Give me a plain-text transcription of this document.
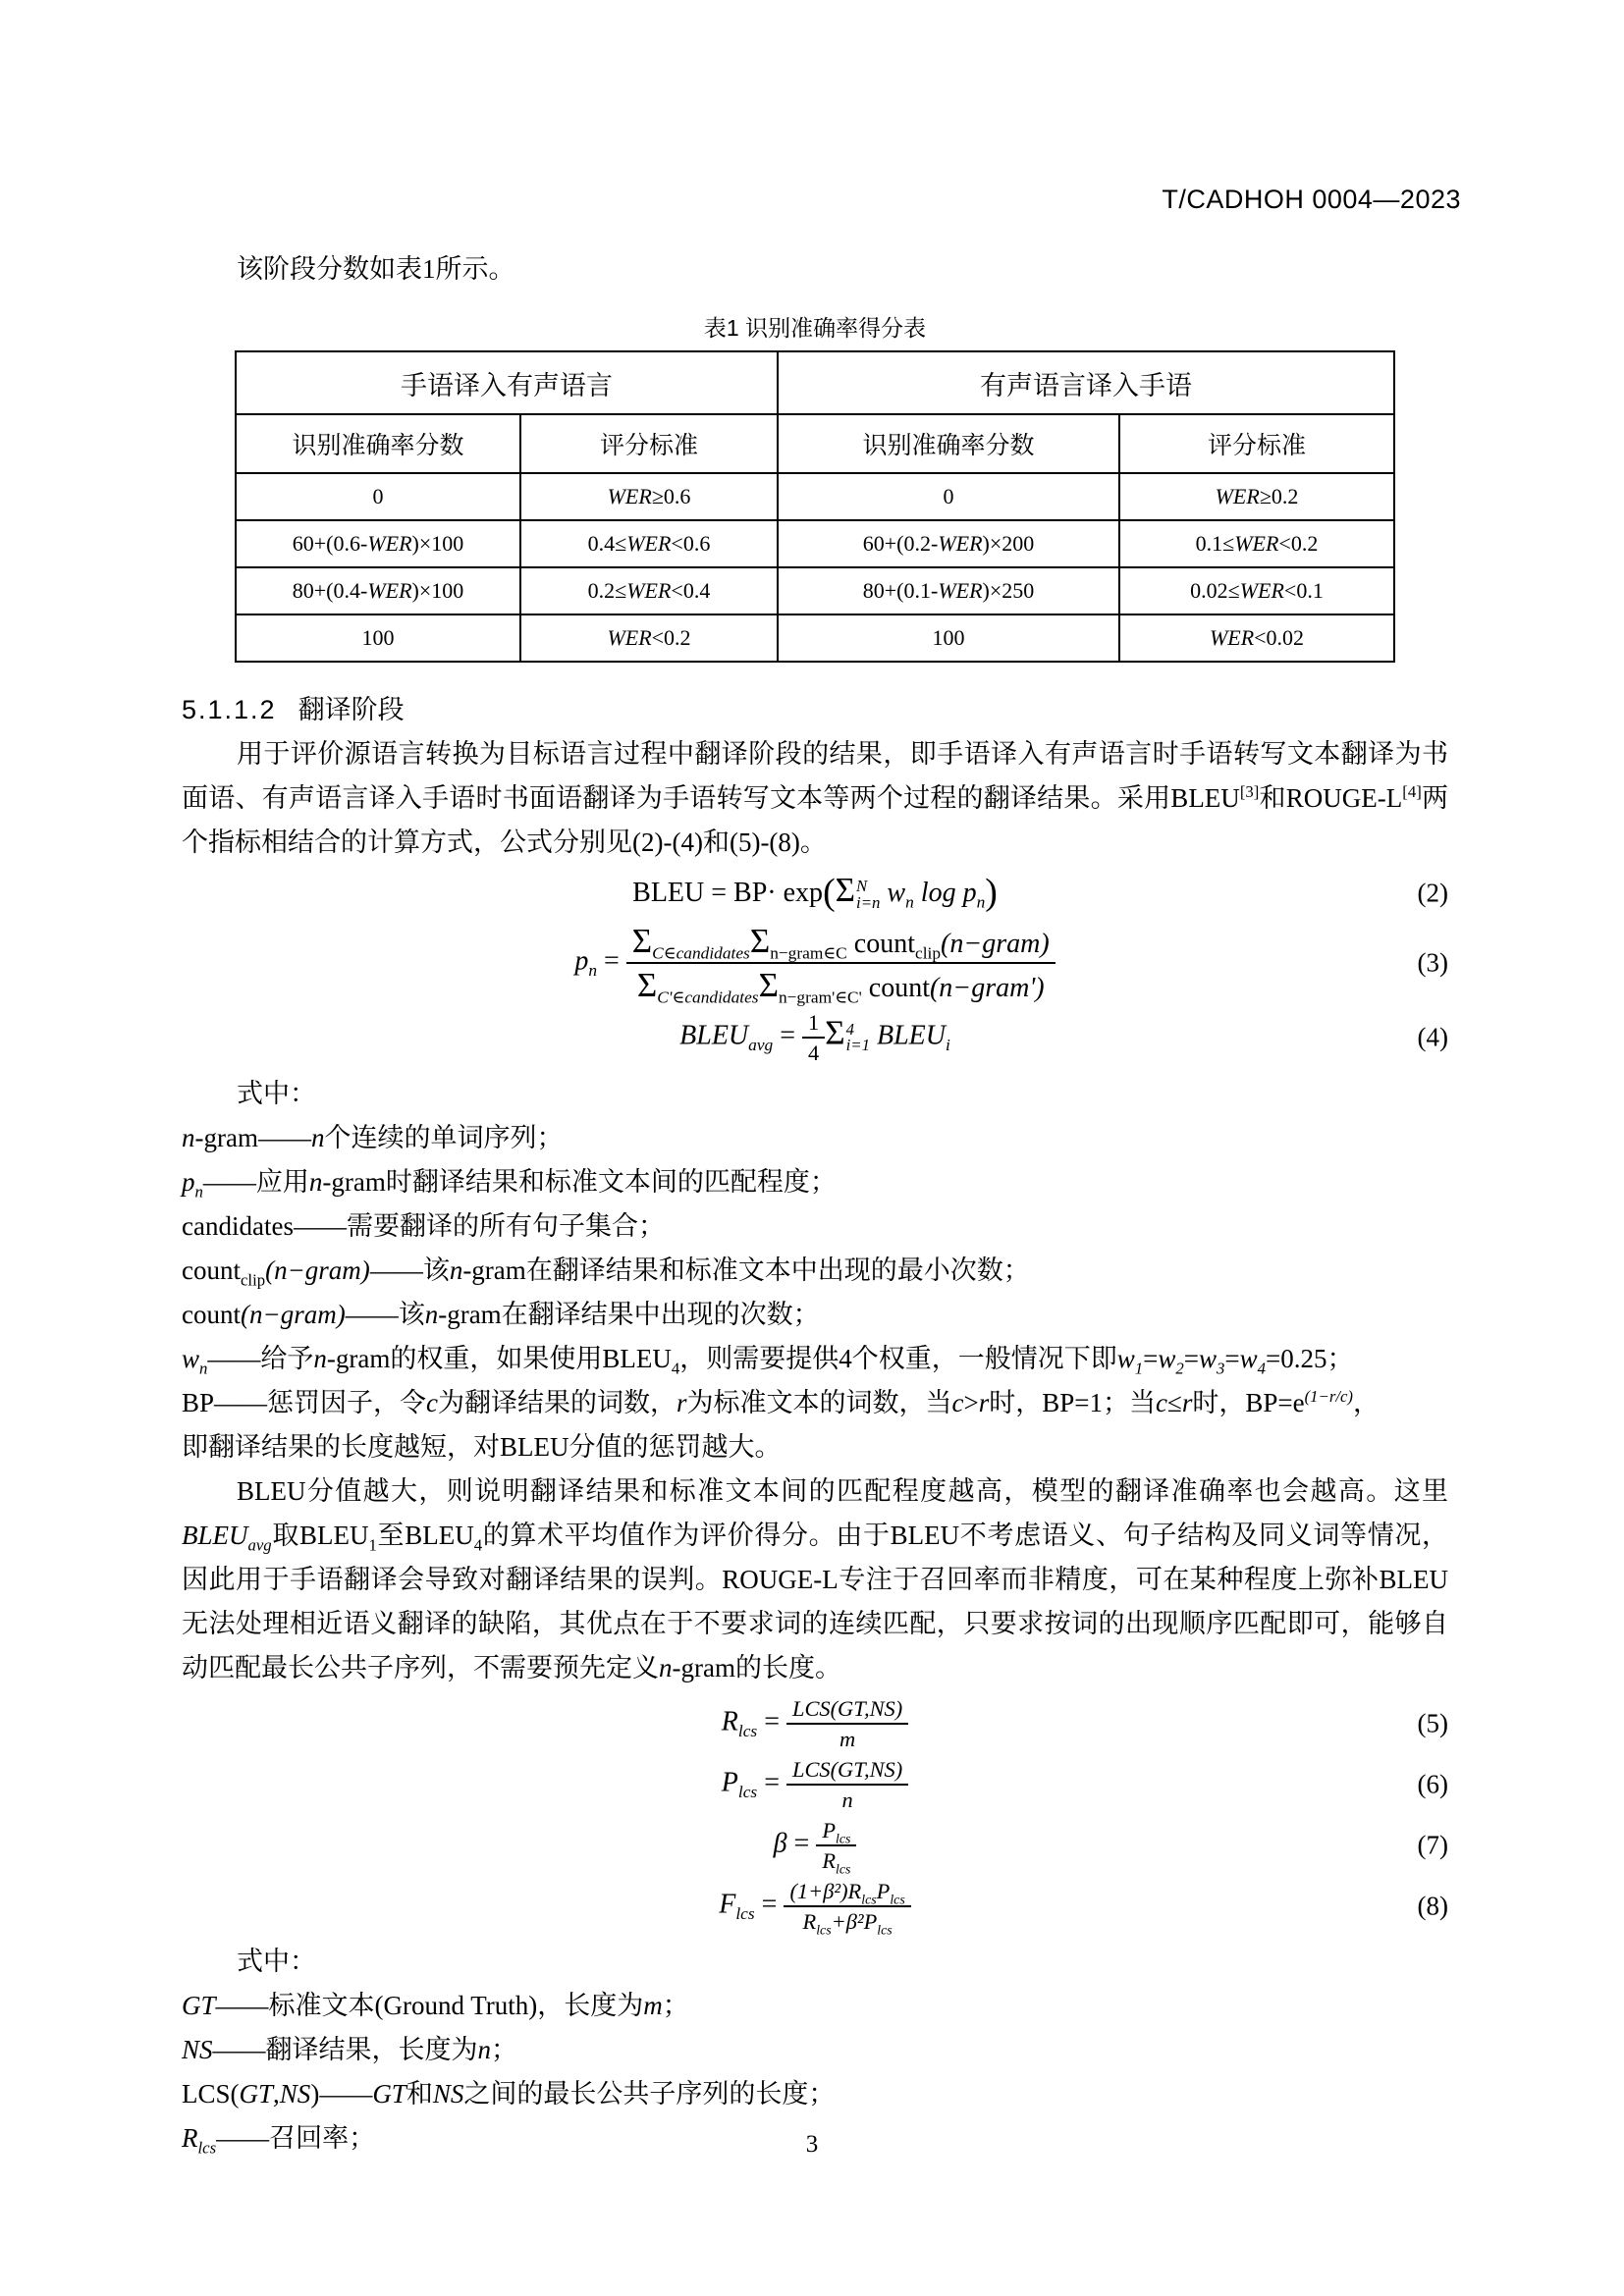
T/CADHOH 0004—2023

该阶段分数如表1所示。

表1 识别准确率得分表
手语译入有声语言		有声语言译入手语	
识别准确率分数	评分标准	识别准确率分数	评分标准
0	WER≥0.6	0	WER≥0.2
60+(0.6-WER)×100	0.4≤WER<0.6	60+(0.2-WER)×200	0.1≤WER<0.2
80+(0.4-WER)×100	0.2≤WER<0.4	80+(0.1-WER)×250	0.02≤WER<0.1
100	WER<0.2	100	WER<0.02
5.1.1.2 翻译阶段

用于评价源语言转换为目标语言过程中翻译阶段的结果，即手语译入有声语言时手语转写文本翻译为书面语、有声语言译入手语时书面语翻译为手语转写文本等两个过程的翻译结果。采用BLEU[3]和ROUGE-L[4]两个指标相结合的计算方式，公式分别见(2)-(4)和(5)-(8)。

BLEU = BP· exp(Σ N
i=n $w_n$ $\log p_n$)	(2)
$p_n = \frac{\Sigma_{C\in candidates}\Sigma_{n-gram\in C} count_{clip}(n-gram)}{\Sigma_{C'\in candidates}\Sigma_{n-gram'\in C'} count(n-gram')}$	(3)
$BLEU_{avg} = \frac{1}{4}$ Σ 4
i=1 $BLEU_i$	(4)

式中：

n-gram——n个连续的单词序列；

$p_n——$应用n-gram时翻译结果和标准文本间的匹配程度；

candidates——需要翻译的所有句子集合；

count$_{clip}$(n−gram)——该n-gram在翻译结果和标准文本中出现的最小次数；

count(n−gram)——该n-gram在翻译结果中出现的次数；

$w_n——$给予n-gram的权重，如果使用$BLEU_4$，则需要提供4个权重，一般情况下即$w_1=w_2=w_3=w_4=0.25$；

BP——惩罚因子，令c为翻译结果的词数，r为标准文本的词数，当c>r时，BP=1；当c≤r时，$BP=e^{(1-r/c)}$，

即翻译结果的长度越短，对BLEU分值的惩罚越大。

BLEU分值越大，则说明翻译结果和标准文本间的匹配程度越高，模型的翻译准确率也会越高。这里$BLEU_{avg}$取$BLEU_1$至$BLEU_4$的算术平均值作为评价得分。由于BLEU不考虑语义、句子结构及同义词等情况，因此用于手语翻译会导致对翻译结果的误判。ROUGE-L专注于召回率而非精度，可在某种程度上弥补BLEU无法处理相近语义翻译的缺陷，其优点在于不要求词的连续匹配，只要求按词的出现顺序匹配即可，能够自动匹配最长公共子序列，不需要预先定义n-gram的长度。

$R_{lcs} = \frac{\text{LCS(GT,NS)}}{m}$	(5)
$P_{lcs} = \frac{\text{LCS(GT,NS)}}{n}$	(6)
$\beta = \frac{P_{lcs}}{R_{lcs}}$	(7)
$F_{lcs} = \frac{(1+\beta^2)R_{lcs}P_{lcs}}{R_{lcs}+\beta^2P_{lcs}}$	(8)

式中：

GT——标准文本(Ground Truth)，长度为m；

NS——翻译结果，长度为n；

LCS(GT,NS)——GT和NS之间的最长公共子序列的长度；

$R_{lcs}——$召回率；	3
